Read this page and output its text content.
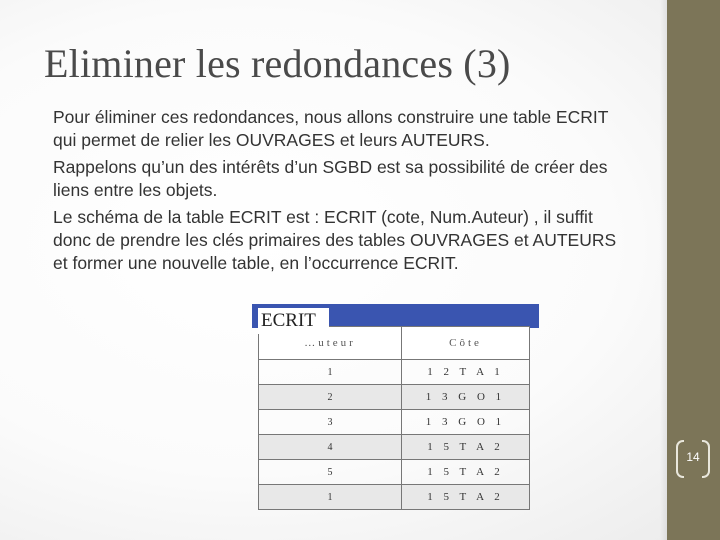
Eliminer les redondances (3)

Pour éliminer ces redondances, nous allons construire une table ECRIT qui permet de relier les OUVRAGES et leurs AUTEURS.

Rappelons qu’un des intérêts d’un SGBD est sa possibilité de créer des liens entre les objets.

Le schéma de la table ECRIT est : ECRIT (cote, Num.Auteur) , il suffit donc de prendre les clés primaires des tables OUVRAGES et AUTEURS et former une nouvelle table, en l’occurrence ECRIT.

…uteur	Côte
1	1 2 T A 1
2	1 3 G O 1
3	1 3 G O 1
4	1 5 T A 2
5	1 5 T A 2
1	1 5 T A 2
ECRIT
14
